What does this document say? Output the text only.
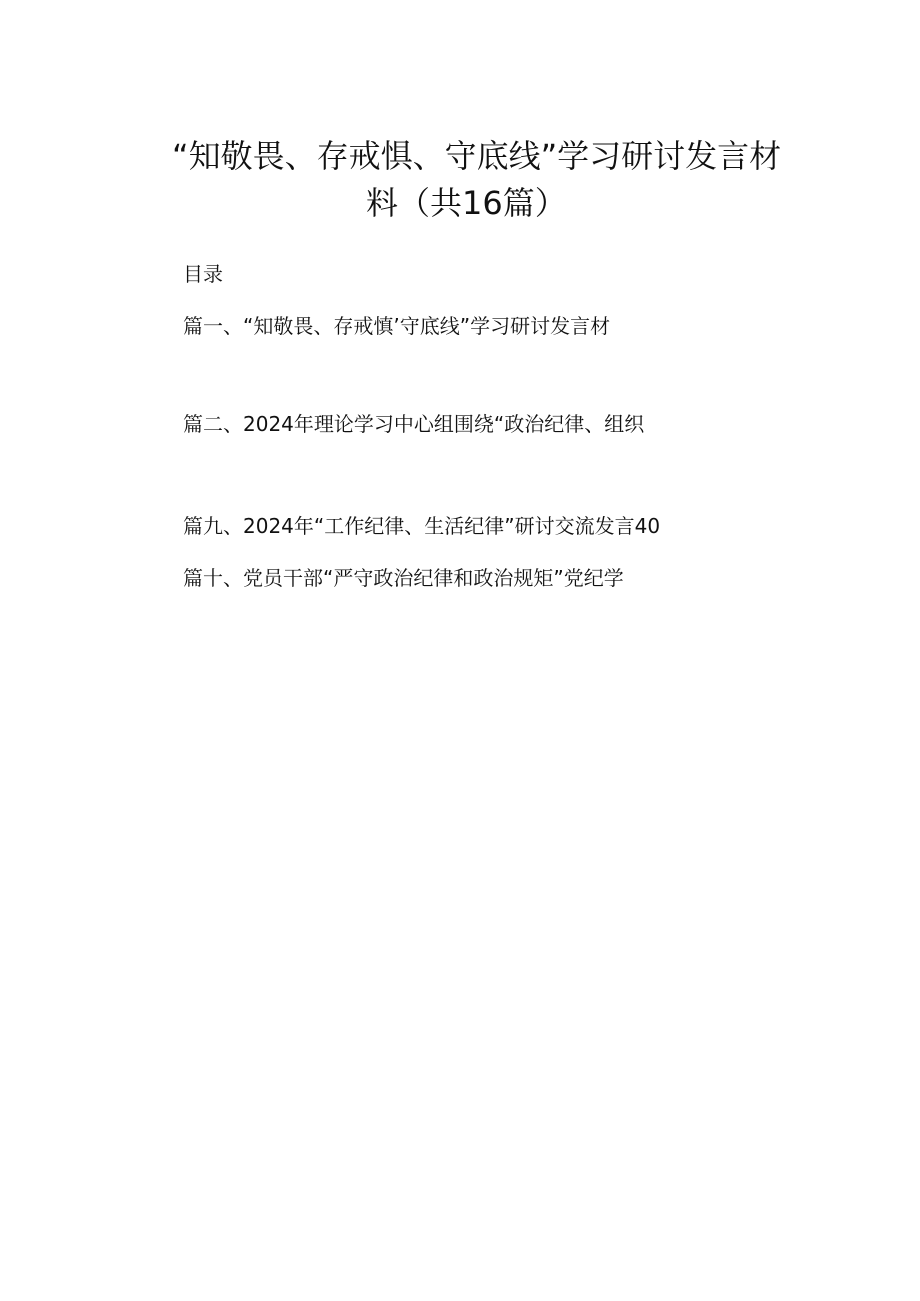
“知敬畏、存戒惧、守底线”学习研讨发言材
料（共16篇）
目录
篇一、“知敬畏、存戒慎’守底线”学习研讨发言材
篇二、2024年理论学习中心组围绕“政治纪律、组织
篇九、2024年“工作纪律、生活纪律”研讨交流发言40
篇十、党员干部“严守政治纪律和政治规矩”党纪学
